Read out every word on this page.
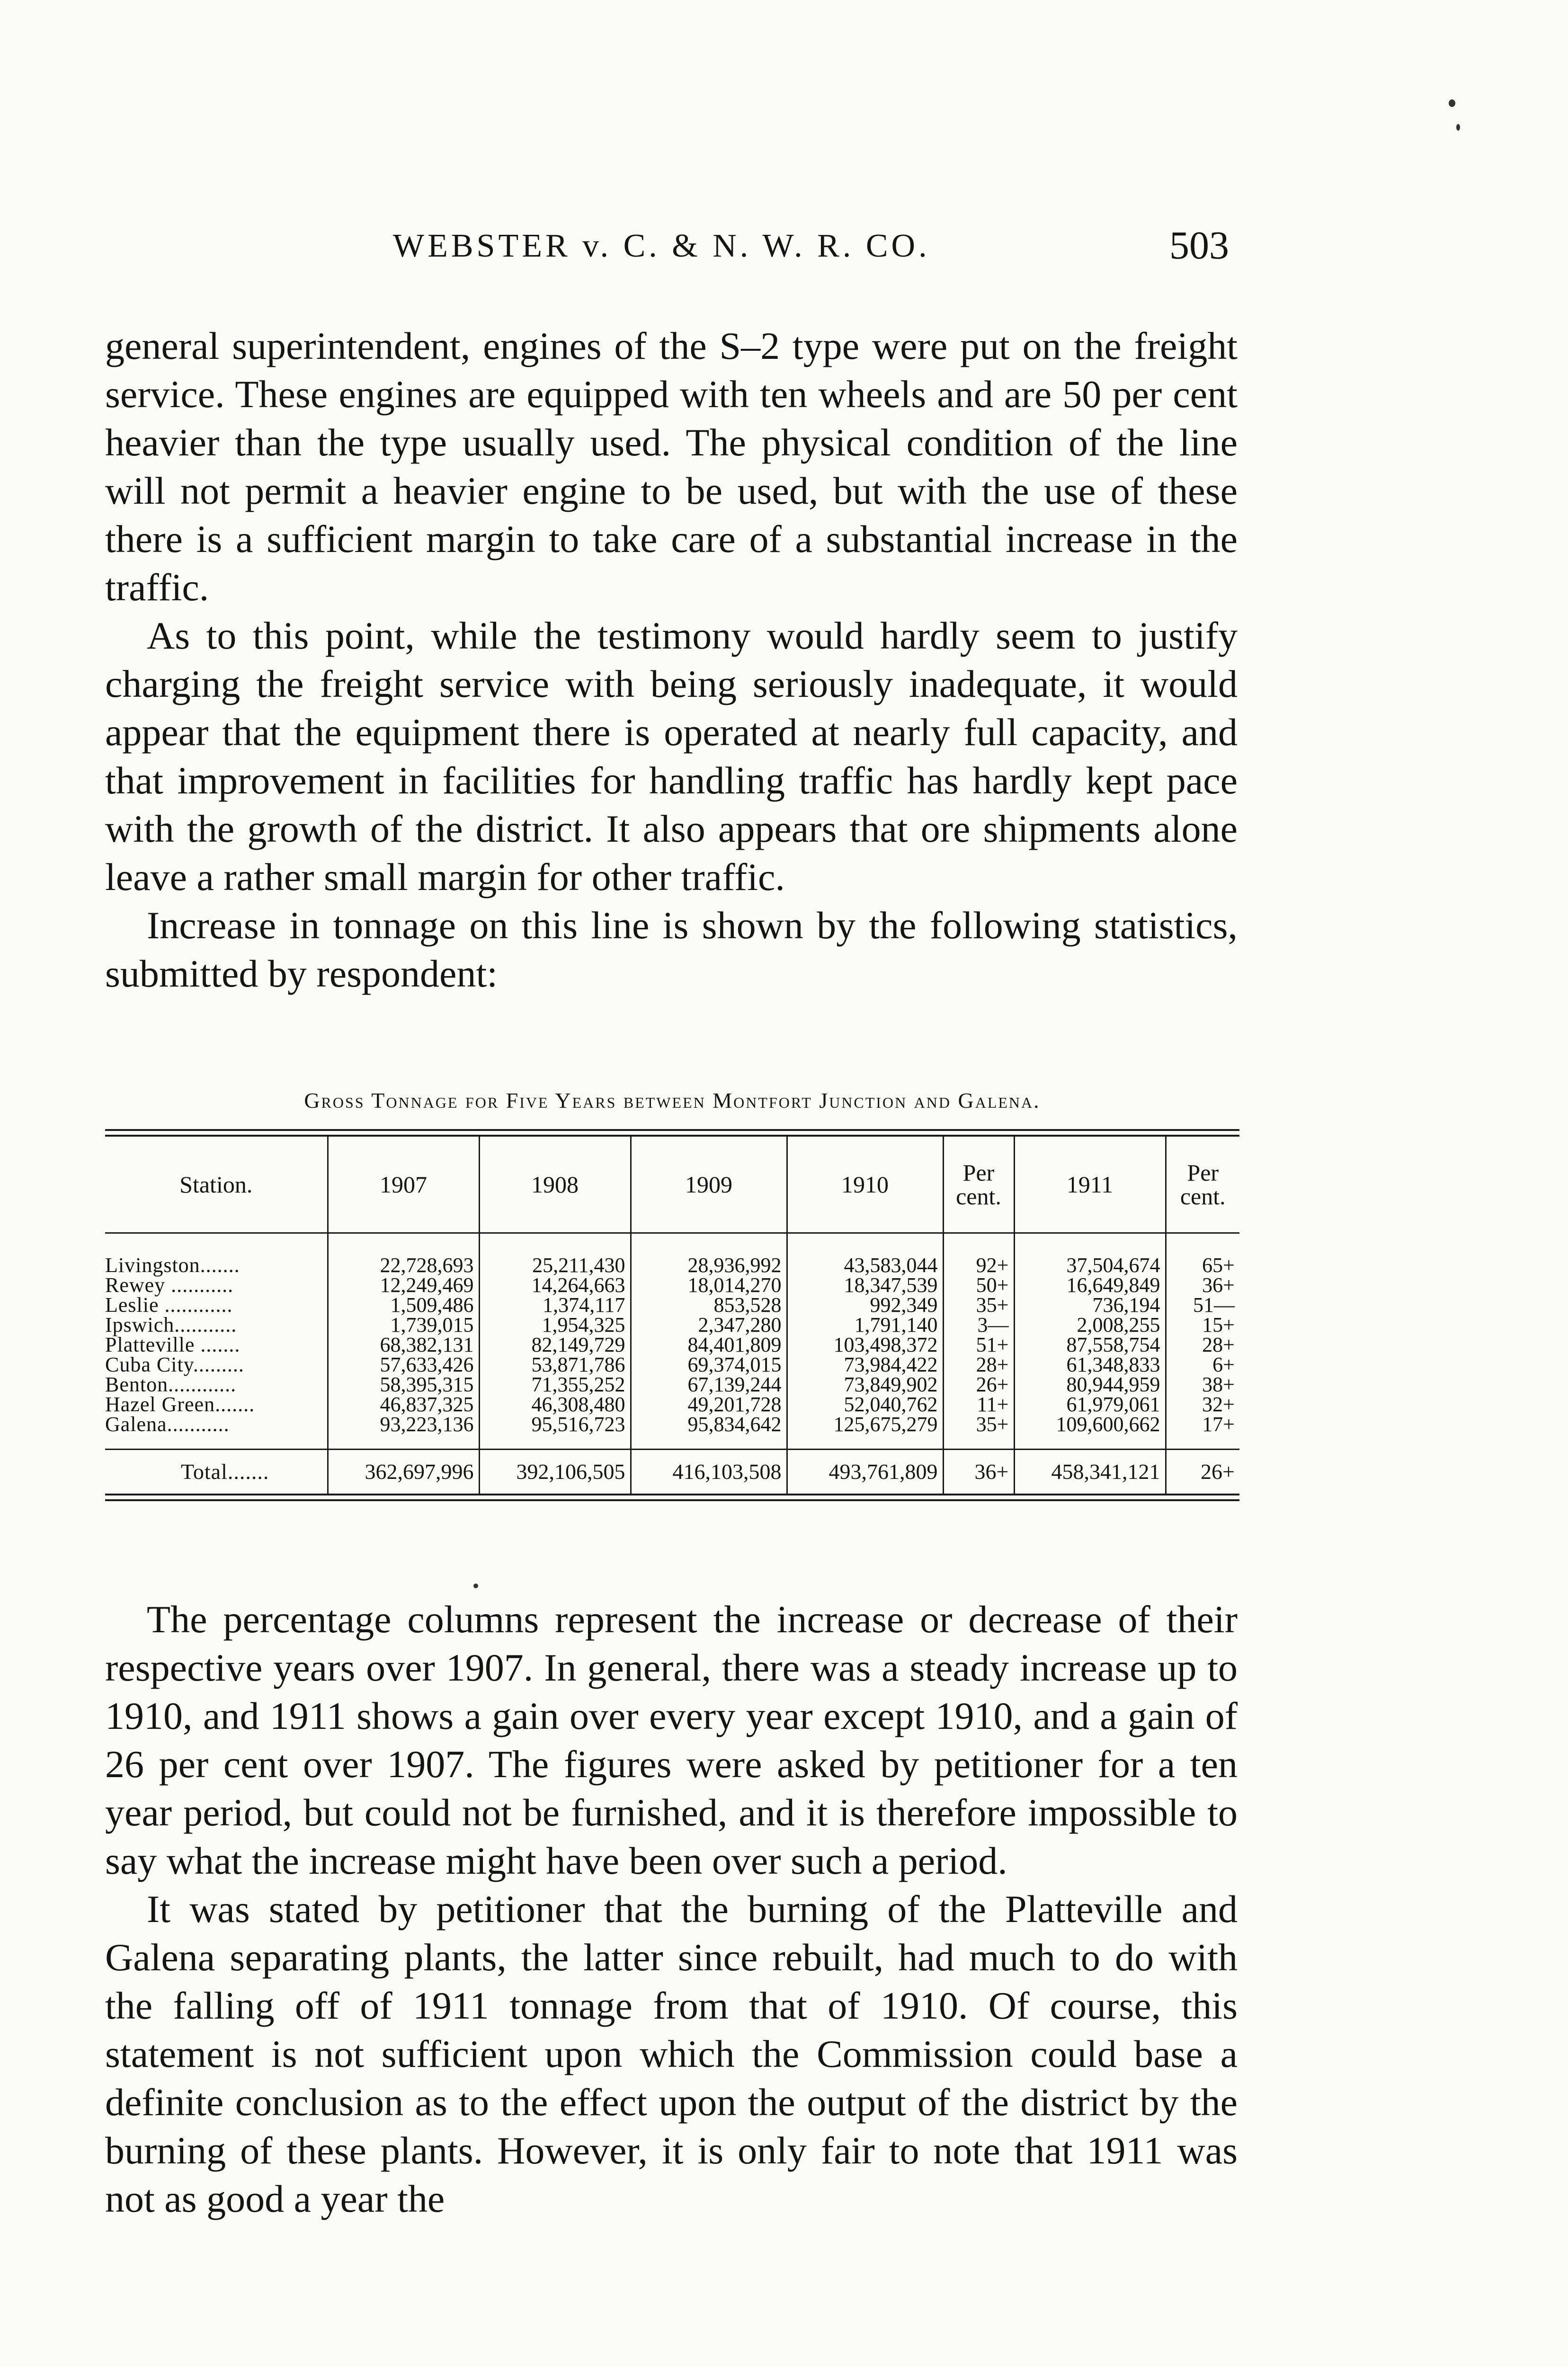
WEBSTER v. C. & N. W. R. CO.	503

general superintendent, engines of the S–2 type were put on the freight service. These engines are equipped with ten wheels and are 50 per cent heavier than the type usually used. The physical condition of the line will not permit a heavier engine to be used, but with the use of these there is a sufficient margin to take care of a substantial increase in the traffic.

As to this point, while the testimony would hardly seem to justify charging the freight service with being seriously inadequate, it would appear that the equipment there is operated at nearly full capacity, and that improvement in facilities for handling traffic has hardly kept pace with the growth of the district. It also appears that ore shipments alone leave a rather small margin for other traffic.

Increase in tonnage on this line is shown by the following statistics, submitted by respondent:

Gross Tonnage for Five Years between Montfort Junction and Galena.
Station.	1907	1908	1909	1910	Per cent.	1911	Per cent.

Livingston.......	22,728,693	25,211,430	28,936,992	43,583,044	92+	37,504,674	65+
Rewey ...........	12,249,469	14,264,663	18,014,270	18,347,539	50+	16,649,849	36+
Leslie ............	1,509,486	1,374,117	853,528	992,349	35+	736,194	51—
Ipswich...........	1,739,015	1,954,325	2,347,280	1,791,140	3—	2,008,255	15+
Platteville .......	68,382,131	82,149,729	84,401,809	103,498,372	51+	87,558,754	28+
Cuba City.........	57,633,426	53,871,786	69,374,015	73,984,422	28+	61,348,833	6+
Benton............	58,395,315	71,355,252	67,139,244	73,849,902	26+	80,944,959	38+
Hazel Green.......	46,837,325	46,308,480	49,201,728	52,040,762	11+	61,979,061	32+
Galena...........	93,223,136	95,516,723	95,834,642	125,675,279	35+	109,600,662	17+

Total.......	362,697,996	392,106,505	416,103,508	493,761,809	36+	458,341,121	26+

The percentage columns represent the increase or decrease of their respective years over 1907. In general, there was a steady increase up to 1910, and 1911 shows a gain over every year except 1910, and a gain of 26 per cent over 1907. The figures were asked by petitioner for a ten year period, but could not be furnished, and it is therefore impossible to say what the increase might have been over such a period.

It was stated by petitioner that the burning of the Platteville and Galena separating plants, the latter since rebuilt, had much to do with the falling off of 1911 tonnage from that of 1910. Of course, this statement is not sufficient upon which the Commission could base a definite conclusion as to the effect upon the output of the district by the burning of these plants. However, it is only fair to note that 1911 was not as good a year the
